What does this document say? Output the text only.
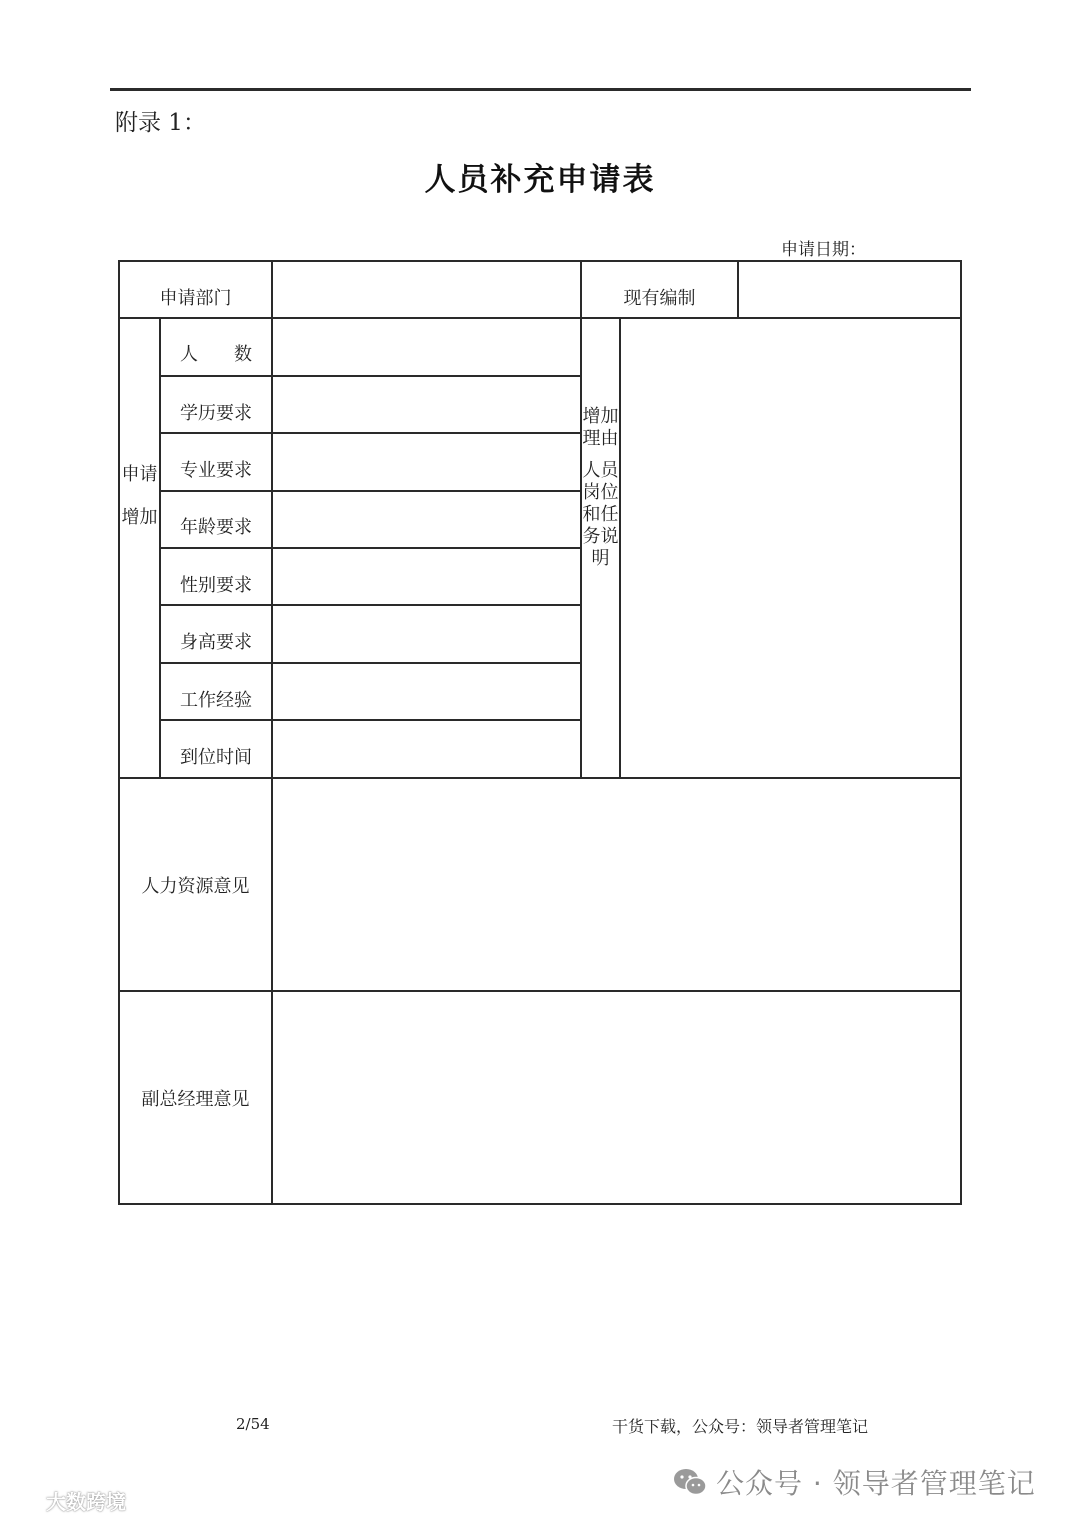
附录 1：
人员补充申请表
申请日期：
申请部门	现有编制
申请增加
人　　数
学历要求
专业要求
年龄要求
性别要求
身高要求
工作经验
到位时间
增加理由
人员岗位和任务说明
人力资源意见
副总经理意见
2/54	干货下载，公众号：领导者管理笔记
大数跨境
公众号 · 领导者管理笔记
